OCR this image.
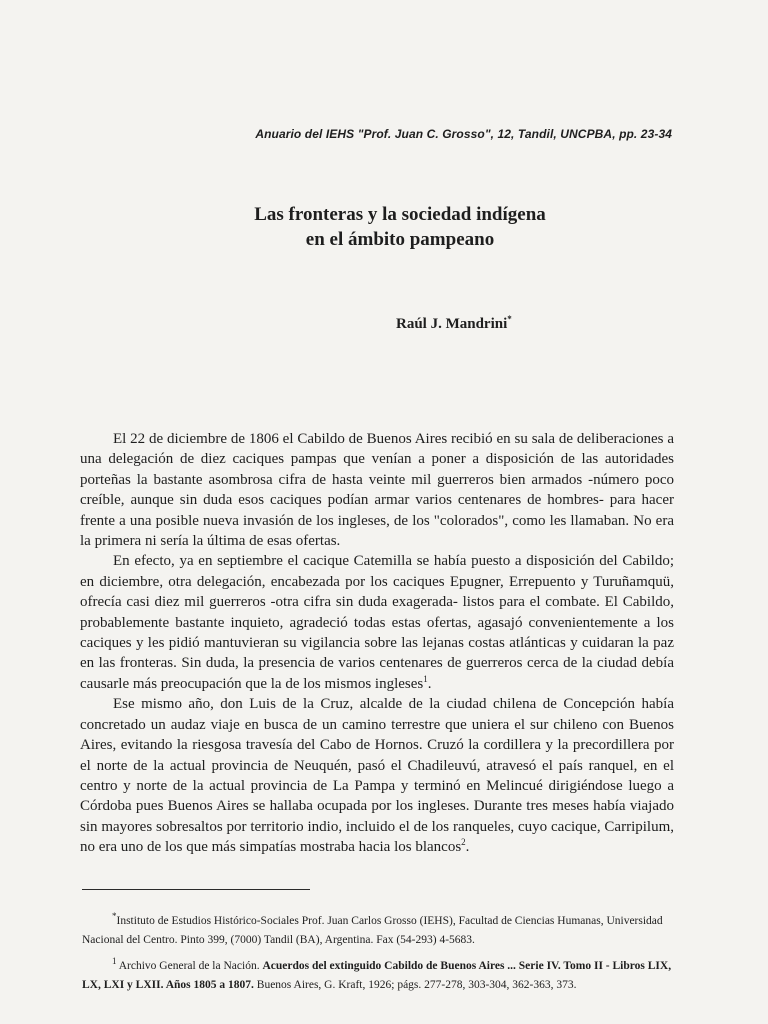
Anuario del IEHS "Prof. Juan C. Grosso", 12, Tandil, UNCPBA, pp. 23-34
Las fronteras y la sociedad indígena
en el ámbito pampeano
Raúl J. Mandrini*

El 22 de diciembre de 1806 el Cabildo de Buenos Aires recibió en su sala de deliberaciones a una delegación de diez caciques pampas que venían a poner a disposición de las autoridades porteñas la bastante asombrosa cifra de hasta veinte mil guerreros bien armados -número poco creíble, aunque sin duda esos caciques podían armar varios centenares de hombres- para hacer frente a una posible nueva invasión de los ingleses, de los "colorados", como les llamaban. No era la primera ni sería la última de esas ofertas.

En efecto, ya en septiembre el cacique Catemilla se había puesto a disposición del Cabildo; en diciembre, otra delegación, encabezada por los caciques Epugner, Errepuento y Turuñamquü, ofrecía casi diez mil guerreros -otra cifra sin duda exagerada- listos para el combate. El Cabildo, probablemente bastante inquieto, agradeció todas estas ofertas, agasajó convenientemente a los caciques y les pidió mantuvieran su vigilancia sobre las lejanas costas atlánticas y cuidaran la paz en las fronteras. Sin duda, la presencia de varios centenares de guerreros cerca de la ciudad debía causarle más preocupación que la de los mismos ingleses$^1$.

Ese mismo año, don Luis de la Cruz, alcalde de la ciudad chilena de Concepción había concretado un audaz viaje en busca de un camino terrestre que uniera el sur chileno con Buenos Aires, evitando la riesgosa travesía del Cabo de Hornos. Cruzó la cordillera y la precordillera por el norte de la actual provincia de Neuquén, pasó el Chadileuvú, atravesó el país ranquel, en el centro y norte de la actual provincia de La Pampa y terminó en Melincué dirigiéndose luego a Córdoba pues Buenos Aires se hallaba ocupada por los ingleses. Durante tres meses había viajado sin mayores sobresaltos por territorio indio, incluido el de los ranqueles, cuyo cacique, Carripilum, no era uno de los que más simpatías mostraba hacia los blancos$^2$.

*Instituto de Estudios Histórico-Sociales Prof. Juan Carlos Grosso (IEHS), Facultad de Ciencias Humanas, Universidad Nacional del Centro. Pinto 399, (7000) Tandil (BA), Argentina. Fax (54-293) 4-5683.

$^1$ Archivo General de la Nación. Acuerdos del extinguido Cabildo de Buenos Aires ... Serie IV. Tomo II - Libros LIX, LX, LXI y LXII. Años 1805 a 1807. Buenos Aires, G. Kraft, 1926; págs. 277-278, 303-304, 362-363, 373.
